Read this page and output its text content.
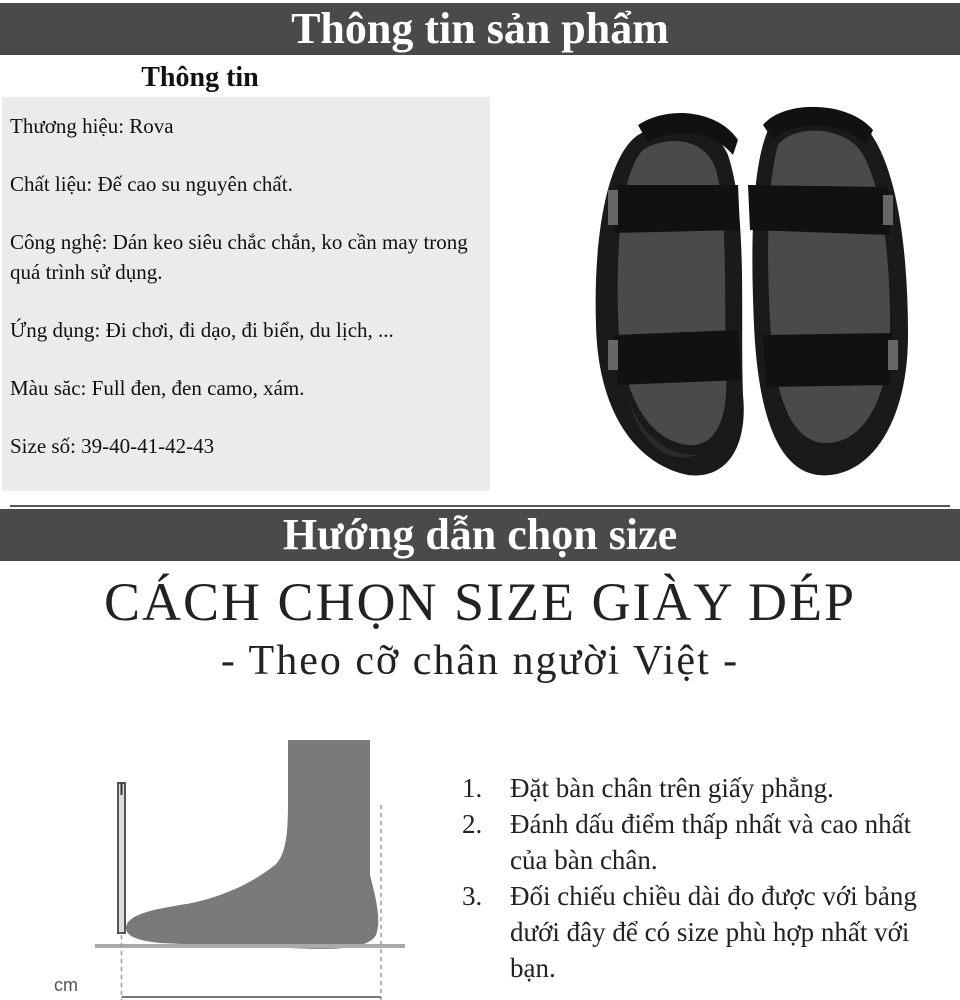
Thông tin sản phẩm
Thông tin

Thương hiệu: Rova

Chất liệu: Đế cao su nguyên chất.

Công nghệ: Dán keo siêu chắc chắn, ko cần may trong quá trình sử dụng.

Ứng dụng: Đi chơi, đi dạo, đi biển, du lịch, ...

Màu săc: Full đen, đen camo, xám.

Size số: 39-40-41-42-43

Hướng dẫn chọn size
CÁCH CHỌN SIZE GIÀY DÉP
- Theo cỡ chân người Việt -
cm
1. Đặt bàn chân trên giấy phẳng.
2. Đánh dấu điểm thấp nhất và cao nhất của bàn chân.
3. Đối chiếu chiều dài đo được với bảng dưới đây để có size phù hợp nhất với bạn.
